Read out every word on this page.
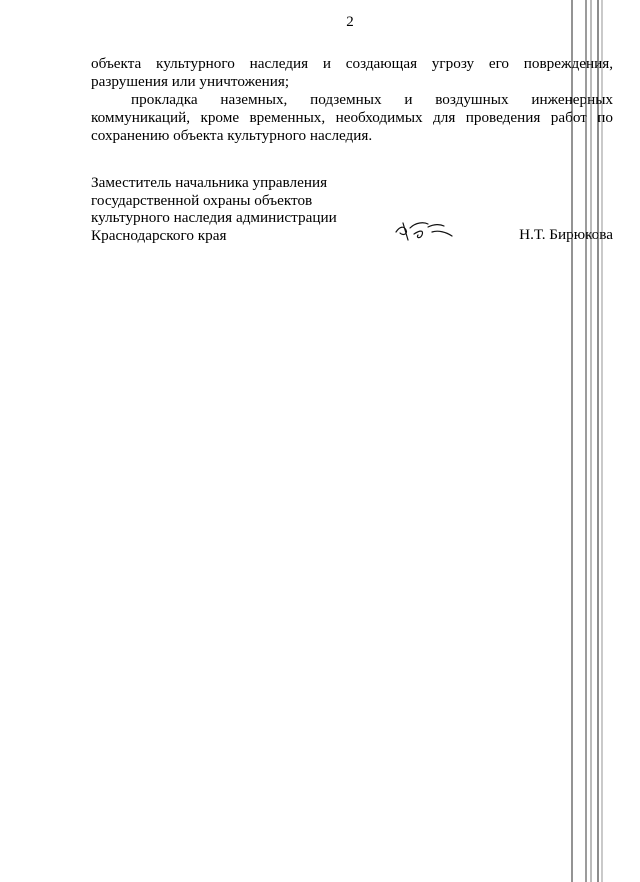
2

объекта культурного наследия и создающая угрозу его повреждения, разрушения или уничтожения;

прокладка наземных, подземных и воздушных инженерных коммуникаций, кроме временных, необходимых для проведения работ по сохранению объекта культурного наследия.

Заместитель начальника управления
государственной охраны объектов
культурного наследия администрации
Краснодарского края	Н.Т. Бирюкова
